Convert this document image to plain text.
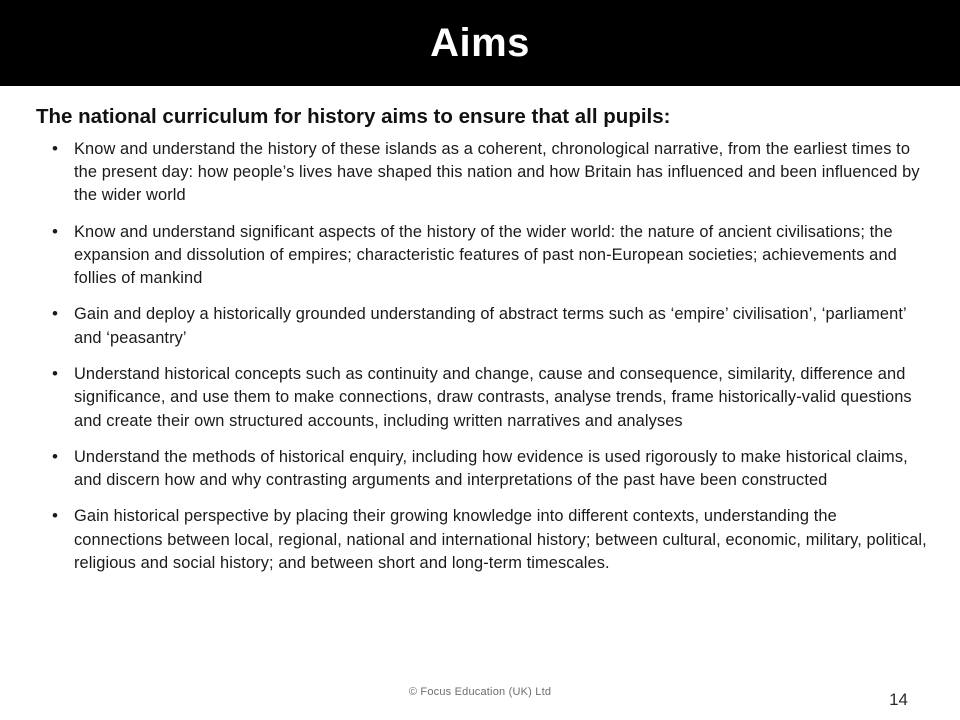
Aims

The national curriculum for history aims to ensure that all pupils:

• Know and understand the history of these islands as a coherent, chronological narrative, from the earliest times to the present day: how people’s lives have shaped this nation and how Britain has influenced and been influenced by the wider world
• Know and understand significant aspects of the history of the wider world: the nature of ancient civilisations; the expansion and dissolution of empires; characteristic features of past non-European societies; achievements and follies of mankind
• Gain and deploy a historically grounded understanding of abstract terms such as ‘empire’ civilisation’, ‘parliament’ and ‘peasantry’
• Understand historical concepts such as continuity and change, cause and consequence, similarity, difference and significance, and use them to make connections, draw contrasts, analyse trends, frame historically-valid questions and create their own structured accounts, including written narratives and analyses
• Understand the methods of historical enquiry, including how evidence is used rigorously to make historical claims, and discern how and why contrasting arguments and interpretations of the past have been constructed
• Gain historical perspective by placing their growing knowledge into different contexts, understanding the connections between local, regional, national and international history; between cultural, economic, military, political, religious and social history; and between short and long-term timescales.
© Focus Education (UK) Ltd	14
